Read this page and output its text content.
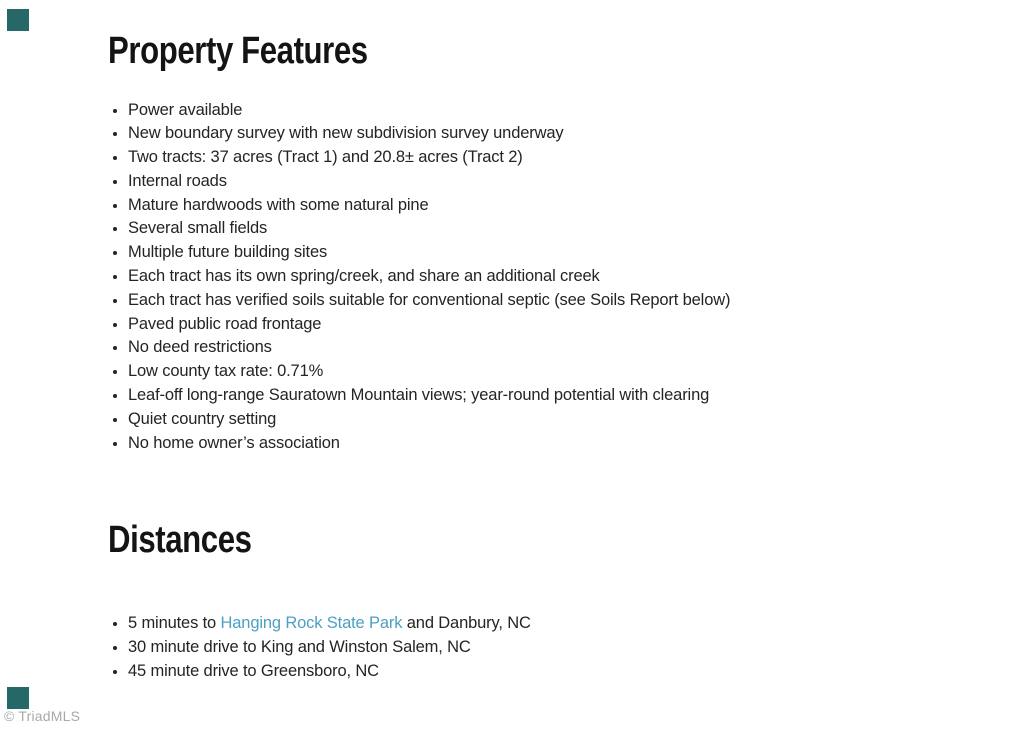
Property Features
• Power available
• New boundary survey with new subdivision survey underway
• Two tracts: 37 acres (Tract 1) and 20.8± acres (Tract 2)
• Internal roads
• Mature hardwoods with some natural pine
• Several small fields
• Multiple future building sites
• Each tract has its own spring/creek, and share an additional creek
• Each tract has verified soils suitable for conventional septic (see Soils Report below)
• Paved public road frontage
• No deed restrictions
• Low county tax rate: 0.71%
• Leaf-off long-range Sauratown Mountain views; year-round potential with clearing
• Quiet country setting
• No home owner’s association
Distances
• 5 minutes to Hanging Rock State Park and Danbury, NC
• 30 minute drive to King and Winston Salem, NC
• 45 minute drive to Greensboro, NC
© TriadMLS
